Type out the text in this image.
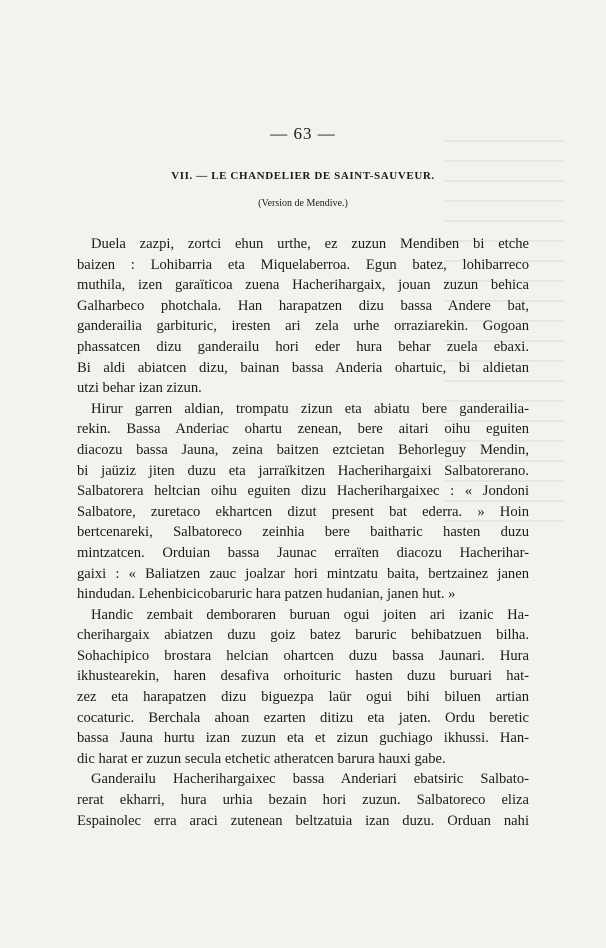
— 63 —
VII. — LE CHANDELIER DE SAINT-SAUVEUR.
(Version de Mendive.)
Duela zazpi, zortci ehun urthe, ez zuzun Mendiben bi etche
baizen : Lohibarria eta Miquelaberroa. Egun batez, lohibarreco
muthila, izen garaïticoa zuena Hacherihargaix, jouan zuzun behica
Galharbeco photchala. Han harapatzen dizu bassa Andere bat,
ganderailia garbituric, iresten ari zela urhe orraziarekin. Gogoan
phassatcen dizu ganderailu hori eder hura behar zuela ebaxi.
Bi aldi abiatcen dizu, bainan bassa Anderia ohartuic, bi aldietan
utzi behar izan zizun.
Hirur garren aldian, trompatu zizun eta abiatu bere ganderailia-
rekin. Bassa Anderiac ohartu zenean, bere aitari oihu eguiten
diacozu bassa Jauna, zeina baitzen eztcietan Behorleguy Mendin,
bi jaüziz jiten duzu eta jarraïkitzen Hacherihargaixi Salbatorerano.
Salbatorera heltcian oihu eguiten dizu Hacherihargaixec : « Jondoni
Salbatore, zuretaco ekhartcen dizut present bat ederra. » Hoin
bertcenareki, Salbatoreco zeinhia bere baithaтic hasten duzu
mintzatcen. Orduian bassa Jaunac erraïten diacozu Hacherihar-
gaixi : « Baliatzen zauc joalzar hori mintzatu baita, bertzainez janen
hindudan. Lehenbicicobaruric hara patzen hudanian, janen hut. »
Handic zembait demboraren buruan ogui joiten ari izanic Ha-
cherihargaix abiatzen duzu goiz batez baruric behibatzuen bilha.
Sohachipico brostara helcian ohartcen duzu bassa Jaunari. Hura
ikhustearekin, haren desafiva orhoituric hasten duzu buruari hat-
zez eta harapatzen dizu biguezpa laür ogui bihi biluen artian
cocaturic. Berchala ahoan ezarten ditizu eta jaten. Ordu beretic
bassa Jauna hurtu izan zuzun eta et zizun guchiago ikhussi. Han-
dic harat er zuzun secula etchetic atheratcen barura hauxi gabe.
Ganderailu Hacherihargaixec bassa Anderiari ebatsiric Salbato-
rerat ekharri, hura urhia bezain hori zuzun. Salbatoreco eliza
Espainolec erra araci zutenean beltzatuia izan duzu. Orduan nahi
